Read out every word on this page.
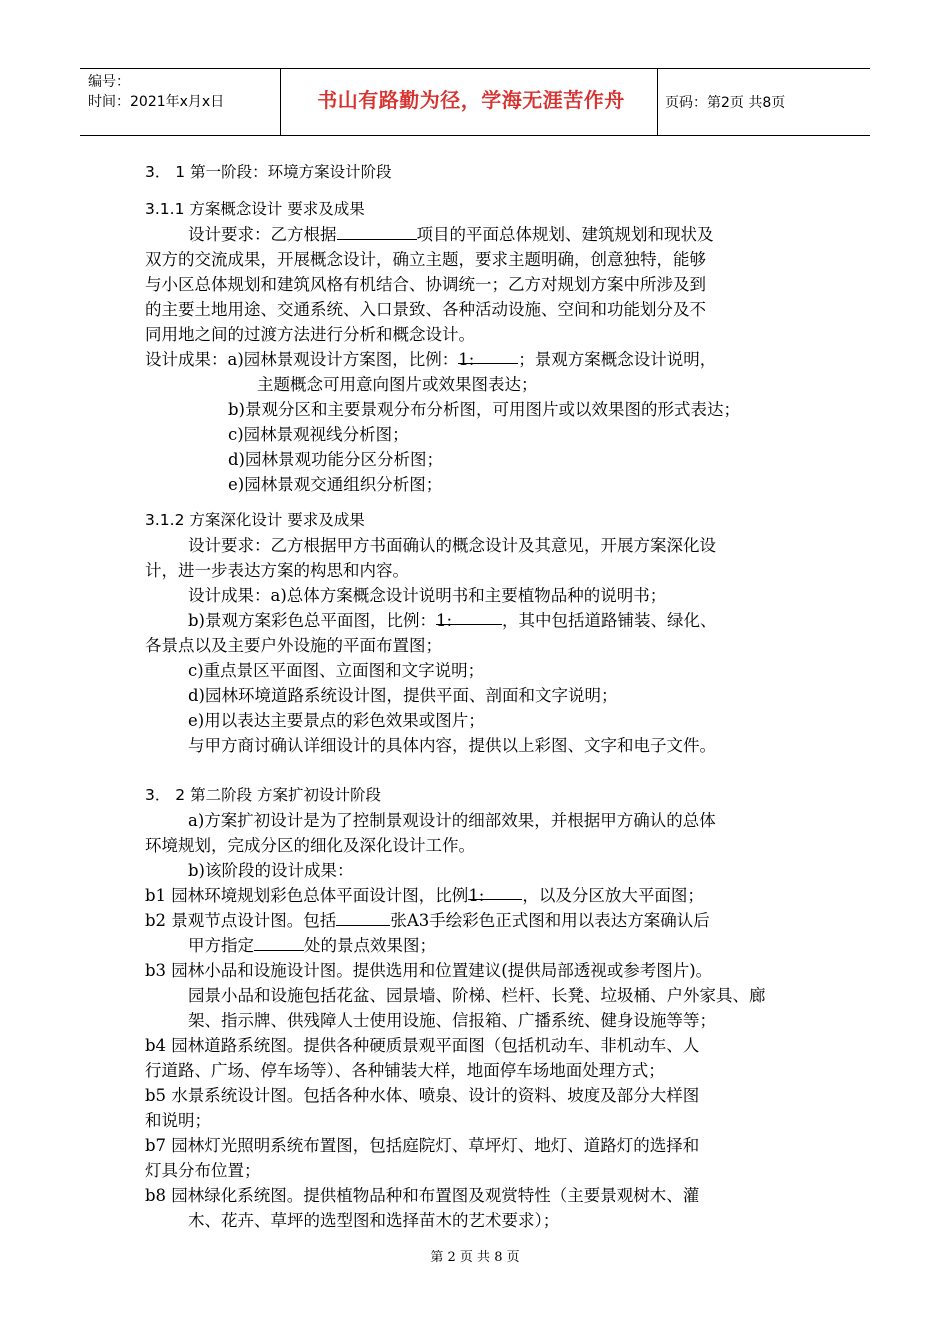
编号：
时间：2021年x月x日	书山有路勤为径，学海无涯苦作舟	页码：第2页 共8页
3． 1 第一阶段：环境方案设计阶段
3.1.1 方案概念设计 要求及成果
设计要求：乙方根据	项目的平面总体规划、建筑规划和现状及
双方的交流成果，开展概念设计，确立主题，要求主题明确，创意独特，能够
与小区总体规划和建筑风格有机结合、协调统一；乙方对规划方案中所涉及到
的主要土地用途、交通系统、入口景致、各种活动设施、空间和功能划分及不
同用地之间的过渡方法进行分析和概念设计。
设计成果：a)园林景观设计方案图，比例：1:	；景观方案概念设计说明，
主题概念可用意向图片或效果图表达；
b)景观分区和主要景观分布分析图，可用图片或以效果图的形式表达；
c)园林景观视线分析图；
d)园林景观功能分区分析图；
e)园林景观交通组织分析图；
3.1.2 方案深化设计 要求及成果
设计要求：乙方根据甲方书面确认的概念设计及其意见，开展方案深化设
计，进一步表达方案的构思和内容。
设计成果：a)总体方案概念设计说明书和主要植物品种的说明书；
b)景观方案彩色总平面图，比例：1:	，其中包括道路铺装、绿化、
各景点以及主要户外设施的平面布置图；
c)重点景区平面图、立面图和文字说明；
d)园林环境道路系统设计图，提供平面、剖面和文字说明；
e)用以表达主要景点的彩色效果或图片；
与甲方商讨确认详细设计的具体内容，提供以上彩图、文字和电子文件。
3． 2 第二阶段 方案扩初设计阶段
a)方案扩初设计是为了控制景观设计的细部效果，并根据甲方确认的总体
环境规划，完成分区的细化及深化设计工作。
b)该阶段的设计成果：
b1 园林环境规划彩色总体平面设计图，比例1: ，以及分区放大平面图；
b2 景观节点设计图。包括	张A3手绘彩色正式图和用以表达方案确认后
甲方指定	处的景点效果图；
b3 园林小品和设施设计图。提供选用和位置建议(提供局部透视或参考图片)。
园景小品和设施包括花盆、园景墙、阶梯、栏杆、长凳、垃圾桶、户外家具、廊
架、指示牌、供残障人士使用设施、信报箱、广播系统、健身设施等等；
b4 园林道路系统图。提供各种硬质景观平面图（包括机动车、非机动车、人
行道路、广场、停车场等）、各种铺装大样，地面停车场地面处理方式；
b5 水景系统设计图。包括各种水体、喷泉、设计的资料、坡度及部分大样图
和说明；
b7 园林灯光照明系统布置图，包括庭院灯、草坪灯、地灯、道路灯的选择和
灯具分布位置；
b8 园林绿化系统图。提供植物品种和布置图及观赏特性（主要景观树木、灌
木、花卉、草坪的选型图和选择苗木的艺术要求）；
第 2 页 共 8 页
